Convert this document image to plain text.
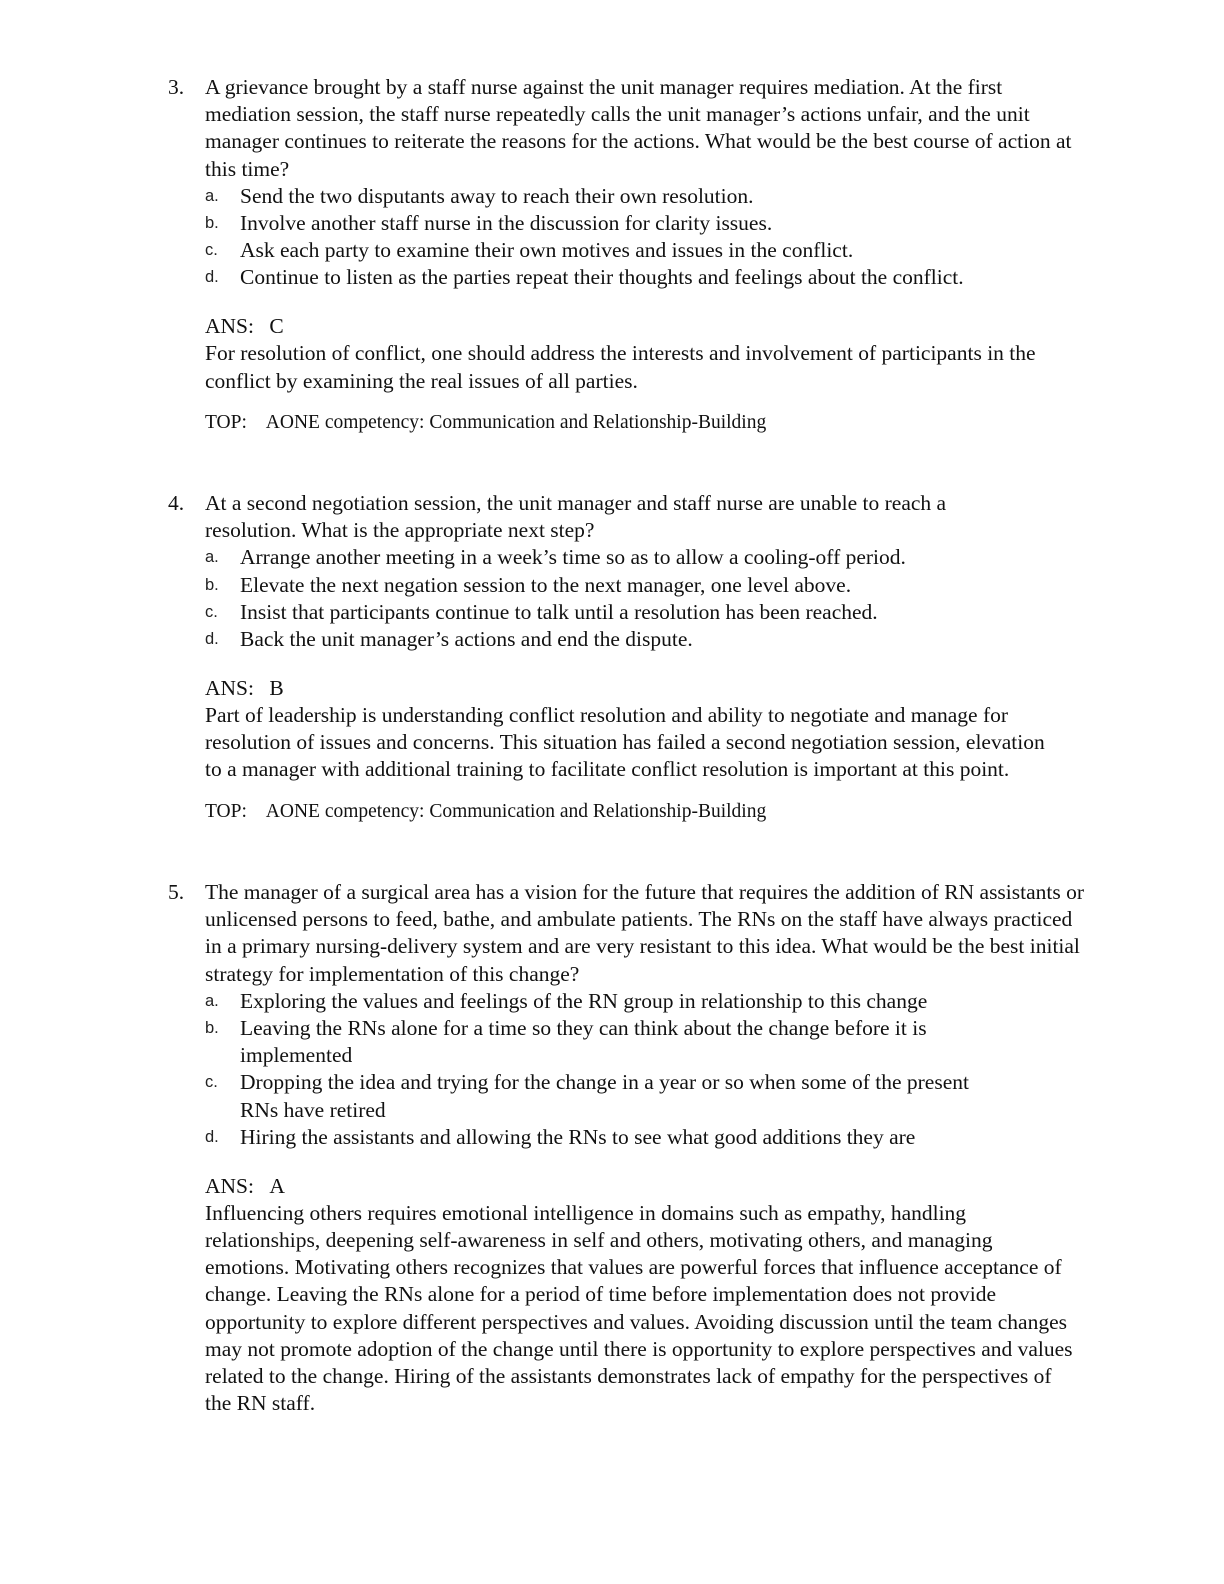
3. A grievance brought by a staff nurse against the unit manager requires mediation. At the first mediation session, the staff nurse repeatedly calls the unit manager’s actions unfair, and the unit manager continues to reiterate the reasons for the actions. What would be the best course of action at this time?
a. Send the two disputants away to reach their own resolution.
b. Involve another staff nurse in the discussion for clarity issues.
c. Ask each party to examine their own motives and issues in the conflict.
d. Continue to listen as the parties repeat their thoughts and feelings about the conflict.
ANS: C
For resolution of conflict, one should address the interests and involvement of participants in the conflict by examining the real issues of all parties.
TOP: AONE competency: Communication and Relationship-Building
4. At a second negotiation session, the unit manager and staff nurse are unable to reach a resolution. What is the appropriate next step?
a. Arrange another meeting in a week’s time so as to allow a cooling-off period.
b. Elevate the next negation session to the next manager, one level above.
c. Insist that participants continue to talk until a resolution has been reached.
d. Back the unit manager’s actions and end the dispute.
ANS: B
Part of leadership is understanding conflict resolution and ability to negotiate and manage for resolution of issues and concerns. This situation has failed a second negotiation session, elevation to a manager with additional training to facilitate conflict resolution is important at this point.
TOP: AONE competency: Communication and Relationship-Building
5. The manager of a surgical area has a vision for the future that requires the addition of RN assistants or unlicensed persons to feed, bathe, and ambulate patients. The RNs on the staff have always practiced in a primary nursing-delivery system and are very resistant to this idea. What would be the best initial strategy for implementation of this change?
a. Exploring the values and feelings of the RN group in relationship to this change
b. Leaving the RNs alone for a time so they can think about the change before it is implemented
c. Dropping the idea and trying for the change in a year or so when some of the present RNs have retired
d. Hiring the assistants and allowing the RNs to see what good additions they are
ANS: A
Influencing others requires emotional intelligence in domains such as empathy, handling relationships, deepening self-awareness in self and others, motivating others, and managing emotions. Motivating others recognizes that values are powerful forces that influence acceptance of change. Leaving the RNs alone for a period of time before implementation does not provide opportunity to explore different perspectives and values. Avoiding discussion until the team changes may not promote adoption of the change until there is opportunity to explore perspectives and values related to the change. Hiring of the assistants demonstrates lack of empathy for the perspectives of the RN staff.
